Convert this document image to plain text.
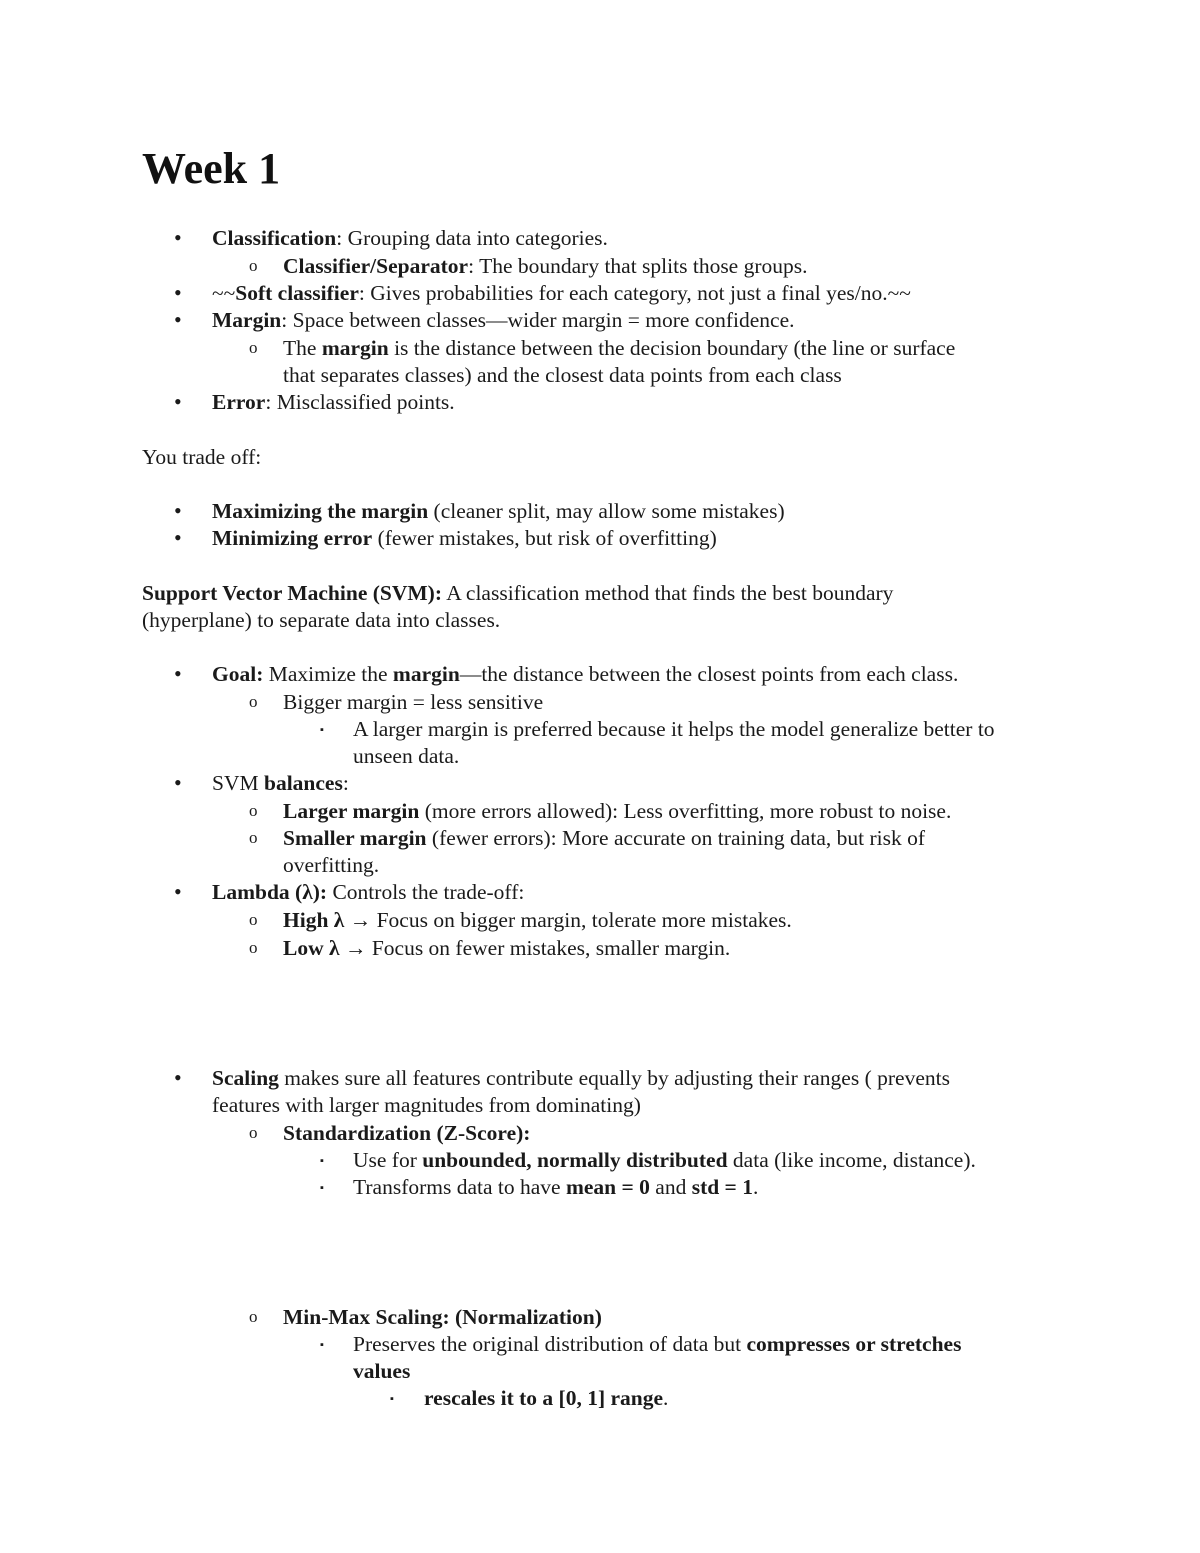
Week 1
• Classification: Grouping data into categories.
o Classifier/Separator: The boundary that splits those groups.
• ~~Soft classifier: Gives probabilities for each category, not just a final yes/no.~~
• Margin: Space between classes—wider margin = more confidence.
o The margin is the distance between the decision boundary (the line or surface
that separates classes) and the closest data points from each class
• Error: Misclassified points.
You trade off:
• Maximizing the margin (cleaner split, may allow some mistakes)
• Minimizing error (fewer mistakes, but risk of overfitting)
Support Vector Machine (SVM): A classification method that finds the best boundary
(hyperplane) to separate data into classes.
• Goal: Maximize the margin—the distance between the closest points from each class.
o Bigger margin = less sensitive
▪ A larger margin is preferred because it helps the model generalize better to
unseen data.
• SVM balances:
o Larger margin (more errors allowed): Less overfitting, more robust to noise.
o Smaller margin (fewer errors): More accurate on training data, but risk of
overfitting.
• Lambda (λ): Controls the trade-off:
o High λ → Focus on bigger margin, tolerate more mistakes.
o Low λ → Focus on fewer mistakes, smaller margin.
• Scaling makes sure all features contribute equally by adjusting their ranges ( prevents
features with larger magnitudes from dominating)
o Standardization (Z-Score):
▪ Use for unbounded, normally distributed data (like income, distance).
▪ Transforms data to have mean = 0 and std = 1.
o Min-Max Scaling: (Normalization)
▪ Preserves the original distribution of data but compresses or stretches
values
▪ rescales it to a [0, 1] range.
